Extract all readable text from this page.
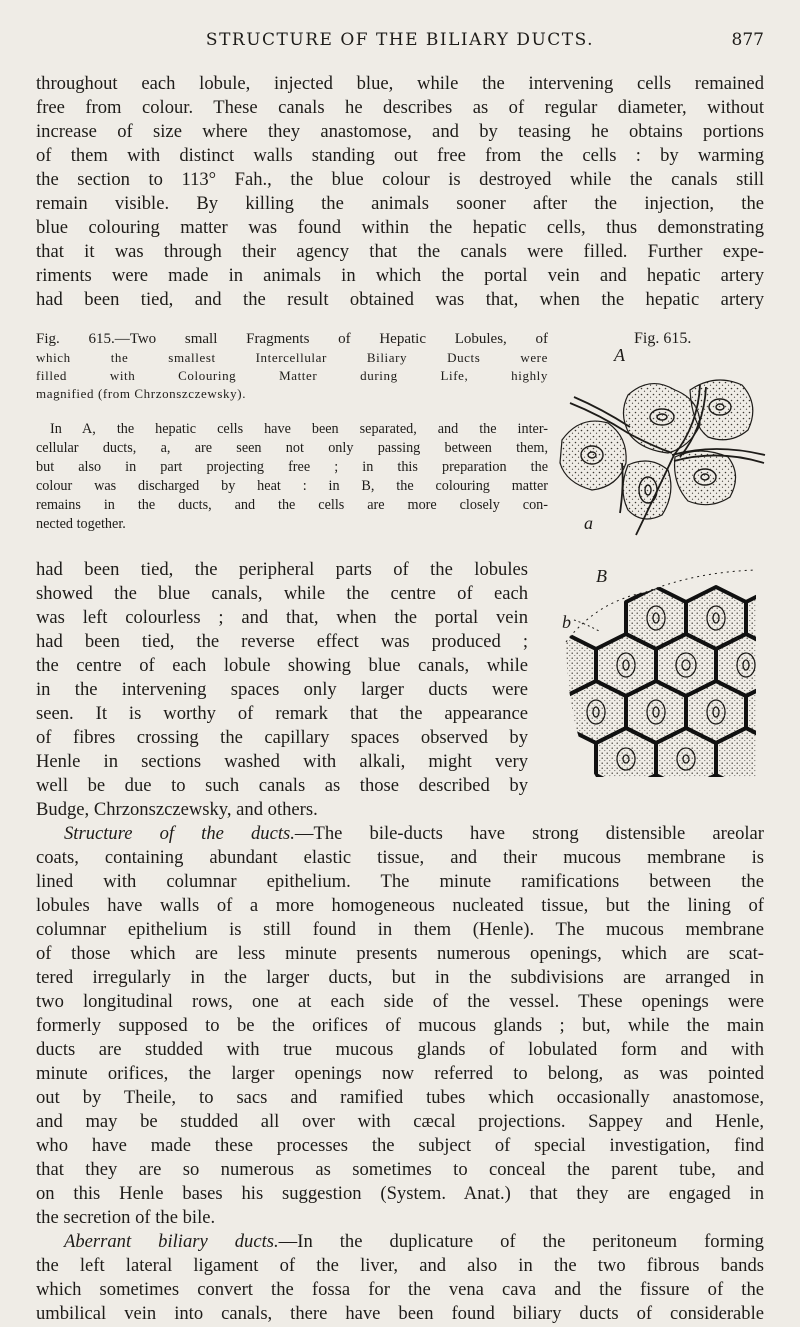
STRUCTURE OF THE BILIARY DUCTS.	877
throughout each lobule, injected blue, while the intervening cells remained
free from colour. These canals he describes as of regular diameter, without
increase of size where they anastomose, and by teasing he obtains portions
of them with distinct walls standing out free from the cells : by warming
the section to 113° Fah., the blue colour is destroyed while the canals still
remain visible. By killing the animals sooner after the injection, the
blue colouring matter was found within the hepatic cells, thus demonstrating
that it was through their agency that the canals were filled. Further expe-
riments were made in animals in which the portal vein and hepatic artery
had been tied, and the result obtained was that, when the hepatic artery
Fig. 615.—Two small Fragments of Hepatic Lobules, of
which the smallest Intercellular Biliary Ducts were
filled with Colouring Matter during Life, highly
magnified (from Chrzonszczewsky).
In A, the hepatic cells have been separated, and the inter-
cellular ducts, a, are seen not only passing between them,
but also in part projecting free ; in this preparation the
colour was discharged by heat : in B, the colouring matter
remains in the ducts, and the cells are more closely con-
nected together.
Fig. 615.
A
a
B
b
had been tied, the peripheral parts of the lobules
showed the blue canals, while the centre of each
was left colourless ; and that, when the portal vein
had been tied, the reverse effect was produced ;
the centre of each lobule showing blue canals, while
in the intervening spaces only larger ducts were
seen. It is worthy of remark that the appearance
of fibres crossing the capillary spaces observed by
Henle in sections washed with alkali, might very
well be due to such canals as those described by
Budge, Chrzonszczewsky, and others.
Structure of the ducts.—The bile-ducts have strong distensible areolar
coats, containing abundant elastic tissue, and their mucous membrane is
lined with columnar epithelium. The minute ramifications between the
lobules have walls of a more homogeneous nucleated tissue, but the lining of
columnar epithelium is still found in them (Henle). The mucous membrane
of those which are less minute presents numerous openings, which are scat-
tered irregularly in the larger ducts, but in the subdivisions are arranged in
two longitudinal rows, one at each side of the vessel. These openings were
formerly supposed to be the orifices of mucous glands ; but, while the main
ducts are studded with true mucous glands of lobulated form and with
minute orifices, the larger openings now referred to belong, as was pointed
out by Theile, to sacs and ramified tubes which occasionally anastomose,
and may be studded all over with cæcal projections. Sappey and Henle,
who have made these processes the subject of special investigation, find
that they are so numerous as sometimes to conceal the parent tube, and
on this Henle bases his suggestion (System. Anat.) that they are engaged in
the secretion of the bile.
Aberrant biliary ducts.—In the duplicature of the peritoneum forming
the left lateral ligament of the liver, and also in the two fibrous bands
which sometimes convert the fossa for the vena cava and the fissure of the
umbilical vein into canals, there have been found biliary ducts of considerable
